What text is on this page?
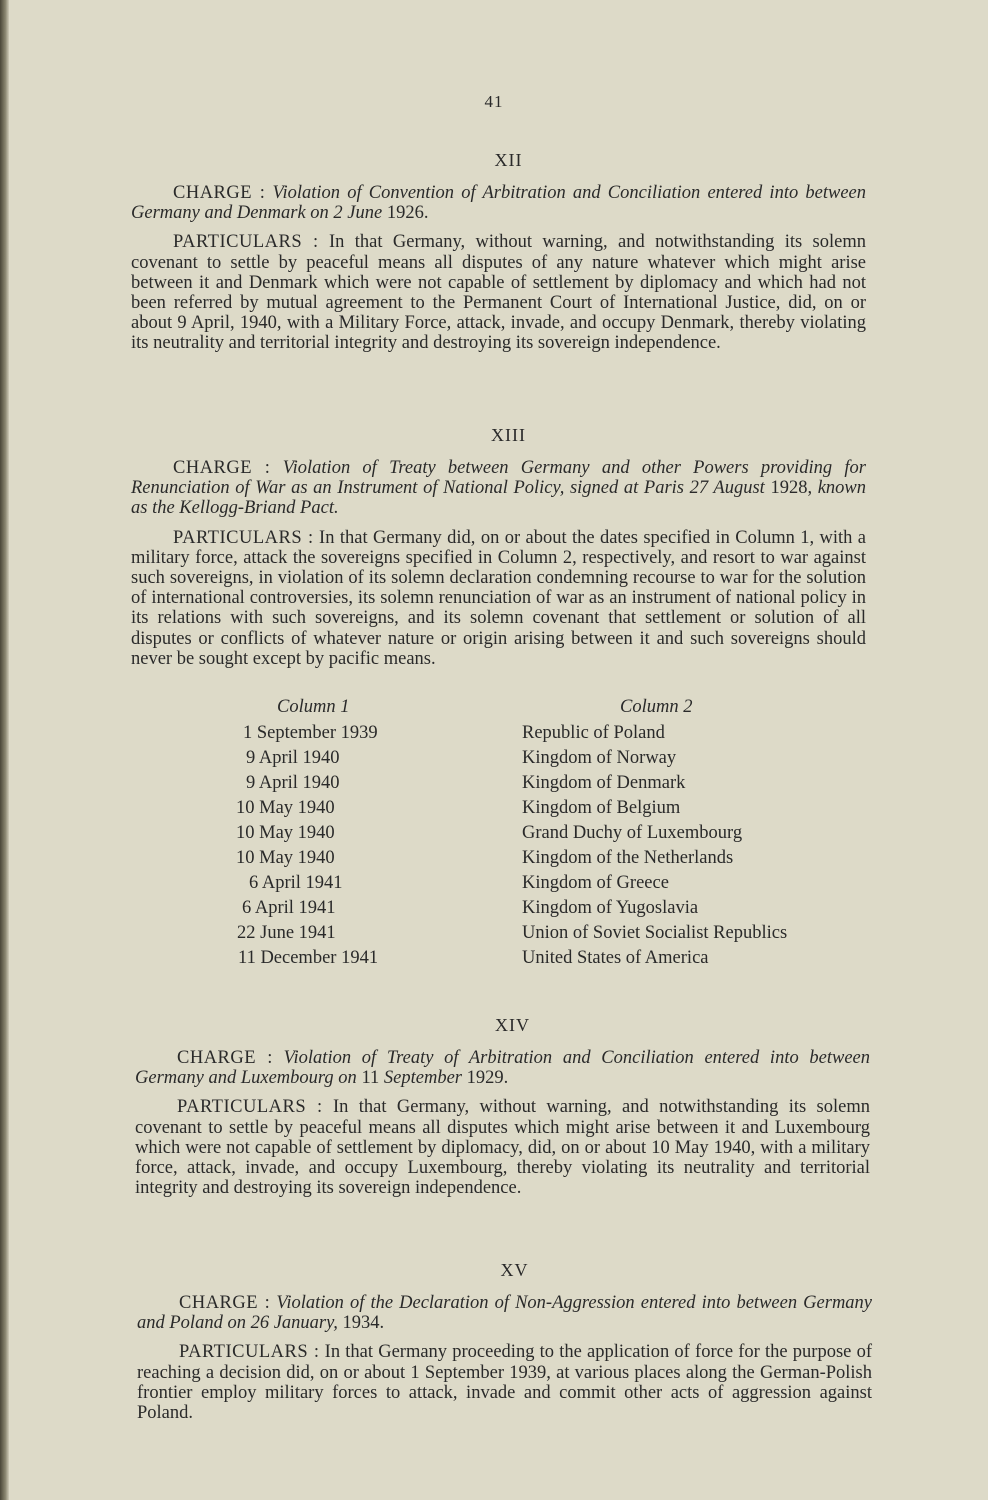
41
XII

CHARGE : Violation of Convention of Arbitration and Conciliation entered into between Germany and Denmark on 2 June 1926.

PARTICULARS : In that Germany, without warning, and notwithstanding its solemn covenant to settle by peaceful means all disputes of any nature whatever which might arise between it and Denmark which were not capable of settlement by diplomacy and which had not been referred by mutual agreement to the Permanent Court of International Justice, did, on or about 9 April, 1940, with a Military Force, attack, invade, and occupy Denmark, thereby violating its neutrality and territorial integrity and destroying its sovereign independence.

XIII

CHARGE : Violation of Treaty between Germany and other Powers providing for Renunciation of War as an Instrument of National Policy, signed at Paris 27 August 1928, known as the Kellogg-Briand Pact.

PARTICULARS : In that Germany did, on or about the dates specified in Column 1, with a military force, attack the sovereigns specified in Column 2, respectively, and resort to war against such sovereigns, in violation of its solemn declaration condemning recourse to war for the solution of international controversies, its solemn renunciation of war as an instrument of national policy in its relations with such sovereigns, and its solemn covenant that settlement or solution of all disputes or conflicts of whatever nature or origin arising between it and such sovereigns should never be sought except by pacific means.

Column 1	Column 2
1 September 1939	Republic of Poland
9 April 1940	Kingdom of Norway
9 April 1940	Kingdom of Denmark
10 May 1940	Kingdom of Belgium
10 May 1940	Grand Duchy of Luxembourg
10 May 1940	Kingdom of the Netherlands
6 April 1941	Kingdom of Greece
6 April 1941	Kingdom of Yugoslavia
22 June 1941	Union of Soviet Socialist Republics
11 December 1941	United States of America
XIV

CHARGE : Violation of Treaty of Arbitration and Conciliation entered into between Germany and Luxembourg on 11 September 1929.

PARTICULARS : In that Germany, without warning, and notwithstanding its solemn covenant to settle by peaceful means all disputes which might arise between it and Luxembourg which were not capable of settlement by diplomacy, did, on or about 10 May 1940, with a military force, attack, invade, and occupy Luxembourg, thereby violating its neutrality and territorial integrity and destroying its sovereign independence.

XV

CHARGE : Violation of the Declaration of Non-Aggression entered into between Germany and Poland on 26 January, 1934.

PARTICULARS : In that Germany proceeding to the application of force for the purpose of reaching a decision did, on or about 1 September 1939, at various places along the German-Polish frontier employ military forces to attack, invade and commit other acts of aggression against Poland.
